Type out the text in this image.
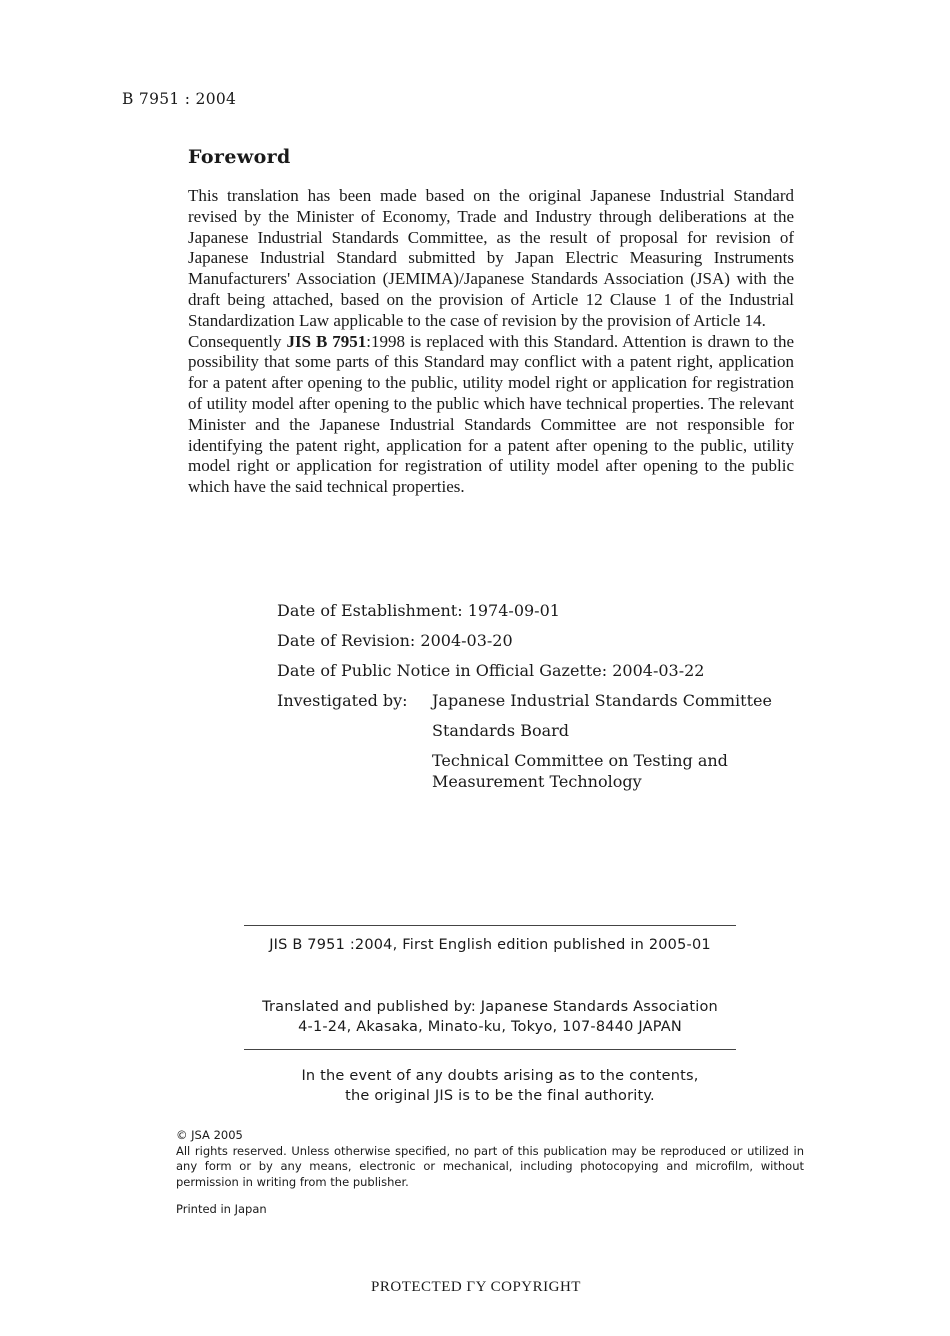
B 7951 : 2004
Foreword

This translation has been made based on the original Japanese Industrial Standard revised by the Minister of Economy, Trade and Industry through deliberations at the Japanese Industrial Standards Committee, as the result of proposal for revision of Japanese Industrial Standard submitted by Japan Electric Measuring Instruments Manufacturers' Association (JEMIMA)/Japanese Standards Association (JSA) with the draft being attached, based on the provision of Article 12 Clause 1 of the Industrial Standardization Law applicable to the case of revision by the provision of Article 14.

Consequently JIS B 7951:1998 is replaced with this Standard. Attention is drawn to the possibility that some parts of this Standard may conflict with a patent right, application for a patent after opening to the public, utility model right or application for registration of utility model after opening to the public which have technical properties. The relevant Minister and the Japanese Industrial Standards Committee are not responsible for identifying the patent right, application for a patent after opening to the public, utility model right or application for registration of utility model after opening to the public which have the said technical properties.

Date of Establishment: 1974-09-01
Date of Revision: 2004-03-20
Date of Public Notice in Official Gazette: 2004-03-22
Investigated by:	Japanese Industrial Standards Committee
Standards Board
Technical Committee on Testing and
Measurement Technology
JIS B 7951 :2004, First English edition published in 2005-01
Translated and published by: Japanese Standards Association
4-1-24, Akasaka, Minato-ku, Tokyo, 107-8440 JAPAN
In the event of any doubts arising as to the contents,
the original JIS is to be the final authority.

© JSA 2005

All rights reserved. Unless otherwise specified, no part of this publication may be reproduced or utilized in any form or by any means, electronic or mechanical, including photocopying and microfilm, without permission in writing from the publisher.

Printed in Japan
PROTECTED ΓΥ COPYRIGHT
